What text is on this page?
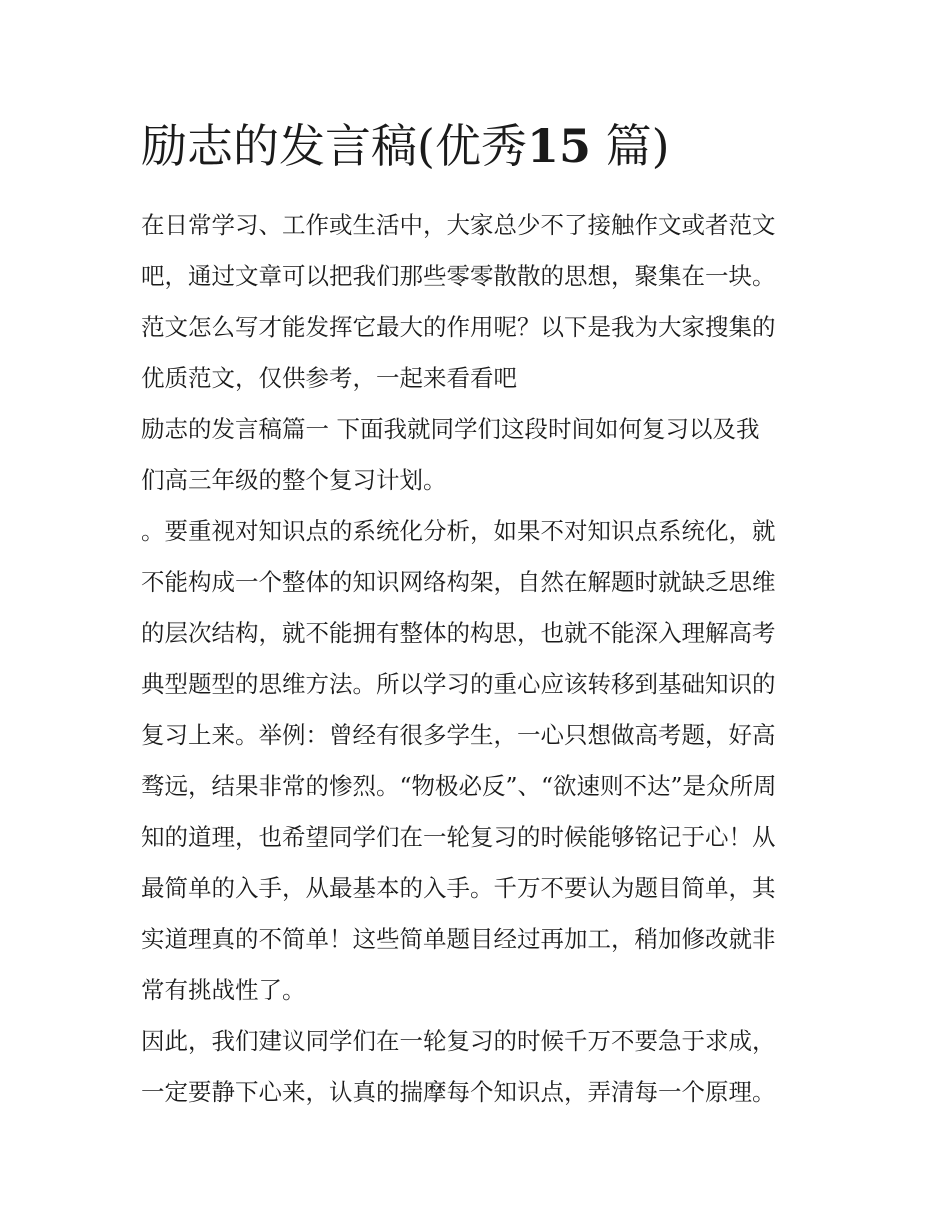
励志的发言稿(优秀15 篇)

在日常学习、工作或生活中，大家总少不了接触作文或者范文
吧，通过文章可以把我们那些零零散散的思想，聚集在一块。
范文怎么写才能发挥它最大的作用呢？以下是我为大家搜集的
优质范文，仅供参考，一起来看看吧

励志的发言稿篇一 下面我就同学们这段时间如何复习以及我
们高三年级的整个复习计划。

。要重视对知识点的系统化分析，如果不对知识点系统化，就
不能构成一个整体的知识网络构架，自然在解题时就缺乏思维
的层次结构，就不能拥有整体的构思，也就不能深入理解高考
典型题型的思维方法。所以学习的重心应该转移到基础知识的
复习上来。举例：曾经有很多学生，一心只想做高考题，好高
骛远，结果非常的惨烈。“物极必反”、“欲速则不达”是众所周
知的道理，也希望同学们在一轮复习的时候能够铭记于心！从
最简单的入手，从最基本的入手。千万不要认为题目简单，其
实道理真的不简单！这些简单题目经过再加工，稍加修改就非
常有挑战性了。

因此，我们建议同学们在一轮复习的时候千万不要急于求成，
一定要静下心来，认真的揣摩每个知识点，弄清每一个原理。
